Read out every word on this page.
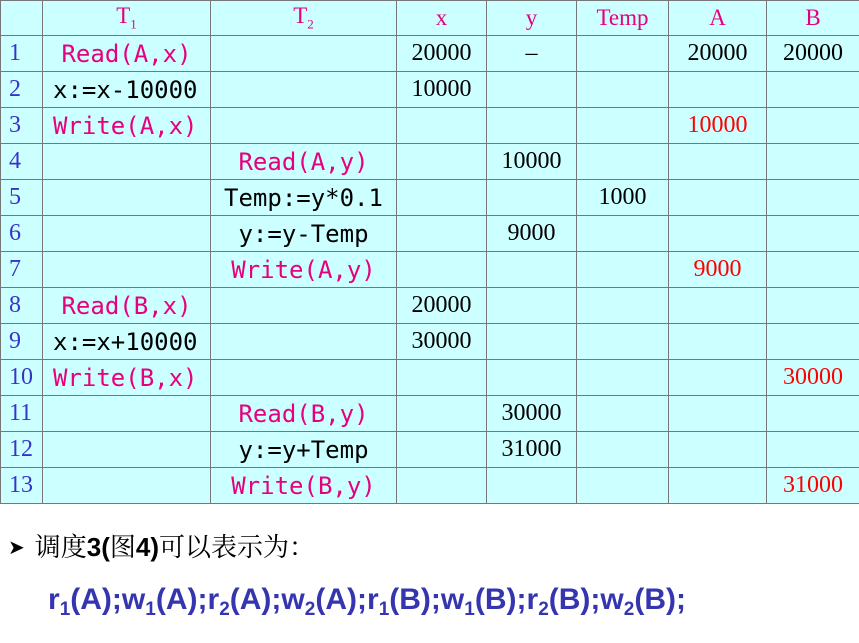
	$T_1$	$T_2$	x	y	Temp	A	B
1	Read(A,x)		20000	–		20000	20000
2	x:=x-10000		10000				
3	Write(A,x)					10000	
4		Read(A,y)		10000			
5		Temp:=y*0.1			1000		
6		y:=y-Temp		9000			
7		Write(A,y)				9000	
8	Read(B,x)		20000				
9	x:=x+10000		30000				
10	Write(B,x)						30000
11		Read(B,y)		30000			
12		y:=y+Temp		31000			
13		Write(B,y)					31000
➤ 调度3(图4)可以表示为：
$r_1(A);w_1(A);r_2(A);w_2(A);r_1(B);w_1(B);r_2(B);w_2(B)$;
